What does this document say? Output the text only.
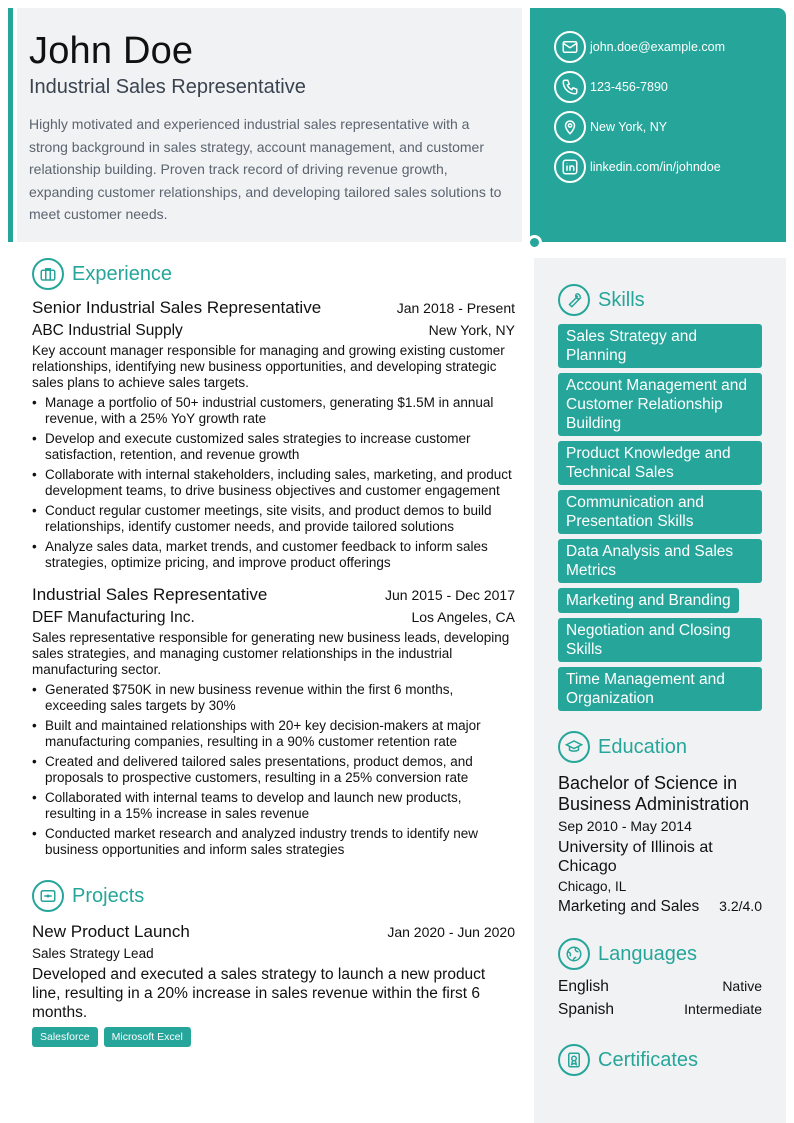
John Doe
Industrial Sales Representative
Highly motivated and experienced industrial sales representative with a strong background in sales strategy, account management, and customer relationship building. Proven track record of driving revenue growth, expanding customer relationships, and developing tailored sales solutions to meet customer needs.
john.doe@example.com
123-456-7890
New York, NY
linkedin.com/in/johndoe
Experience
Senior Industrial Sales Representative	Jan 2018 - Present
ABC Industrial Supply	New York, NY
Key account manager responsible for managing and growing existing customer relationships, identifying new business opportunities, and developing strategic sales plans to achieve sales targets.
• Manage a portfolio of 50+ industrial customers, generating $1.5M in annual revenue, with a 25% YoY growth rate
• Develop and execute customized sales strategies to increase customer satisfaction, retention, and revenue growth
• Collaborate with internal stakeholders, including sales, marketing, and product development teams, to drive business objectives and customer engagement
• Conduct regular customer meetings, site visits, and product demos to build relationships, identify customer needs, and provide tailored solutions
• Analyze sales data, market trends, and customer feedback to inform sales strategies, optimize pricing, and improve product offerings
Industrial Sales Representative	Jun 2015 - Dec 2017
DEF Manufacturing Inc.	Los Angeles, CA
Sales representative responsible for generating new business leads, developing sales strategies, and managing customer relationships in the industrial manufacturing sector.
• Generated $750K in new business revenue within the first 6 months, exceeding sales targets by 30%
• Built and maintained relationships with 20+ key decision-makers at major manufacturing companies, resulting in a 90% customer retention rate
• Created and delivered tailored sales presentations, product demos, and proposals to prospective customers, resulting in a 25% conversion rate
• Collaborated with internal teams to develop and launch new products, resulting in a 15% increase in sales revenue
• Conducted market research and analyzed industry trends to identify new business opportunities and inform sales strategies
Projects
New Product Launch	Jan 2020 - Jun 2020
Sales Strategy Lead
Developed and executed a sales strategy to launch a new product line, resulting in a 20% increase in sales revenue within the first 6 months.
Salesforce	Microsoft Excel
Skills
Sales Strategy and Planning Account Management and Customer Relationship Building Product Knowledge and Technical Sales Communication and Presentation Skills Data Analysis and Sales Metrics Marketing and Branding Negotiation and Closing Skills Time Management and Organization
Education
Bachelor of Science in Business Administration
Sep 2010 - May 2014
University of Illinois at Chicago
Chicago, IL
Marketing and Sales 3.2/4.0
Languages
English	Native
Spanish	Intermediate
Certificates
